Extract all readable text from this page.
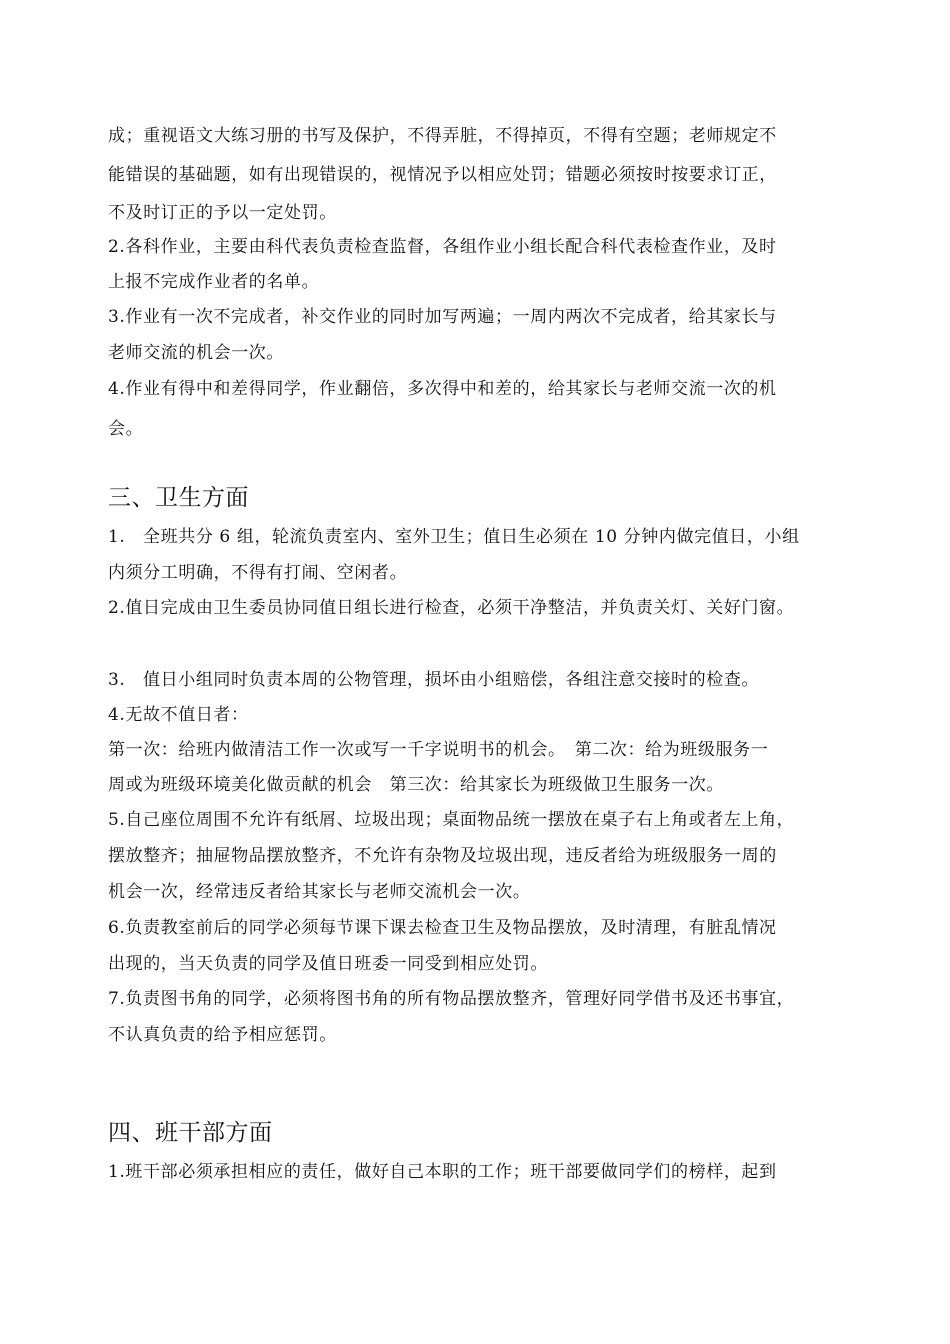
成；重视语文大练习册的书写及保护，不得弄脏，不得掉页，不得有空题；老师规定不
能错误的基础题，如有出现错误的，视情况予以相应处罚；错题必须按时按要求订正，
不及时订正的予以一定处罚。
2.各科作业，主要由科代表负责检查监督，各组作业小组长配合科代表检查作业，及时
上报不完成作业者的名单。
3.作业有一次不完成者，补交作业的同时加写两遍；一周内两次不完成者，给其家长与
老师交流的机会一次。
4.作业有得中和差得同学，作业翻倍，多次得中和差的，给其家长与老师交流一次的机
会。
三、卫生方面
1.　全班共分 6 组，轮流负责室内、室外卫生；值日生必须在 10 分钟内做完值日，小组
内须分工明确，不得有打闹、空闲者。
2.值日完成由卫生委员协同值日组长进行检查，必须干净整洁，并负责关灯、关好门窗。
3.　值日小组同时负责本周的公物管理，损坏由小组赔偿，各组注意交接时的检查。
4.无故不值日者：
第一次：给班内做清洁工作一次或写一千字说明书的机会。　第二次：给为班级服务一
周或为班级环境美化做贡献的机会　第三次：给其家长为班级做卫生服务一次。
5.自己座位周围不允许有纸屑、垃圾出现；桌面物品统一摆放在桌子右上角或者左上角，
摆放整齐；抽屉物品摆放整齐，不允许有杂物及垃圾出现，违反者给为班级服务一周的
机会一次，经常违反者给其家长与老师交流机会一次。
6.负责教室前后的同学必须每节课下课去检查卫生及物品摆放，及时清理，有脏乱情况
出现的，当天负责的同学及值日班委一同受到相应处罚。
7.负责图书角的同学，必须将图书角的所有物品摆放整齐，管理好同学借书及还书事宜，
不认真负责的给予相应惩罚。
四、班干部方面
1.班干部必须承担相应的责任，做好自己本职的工作；班干部要做同学们的榜样，起到
